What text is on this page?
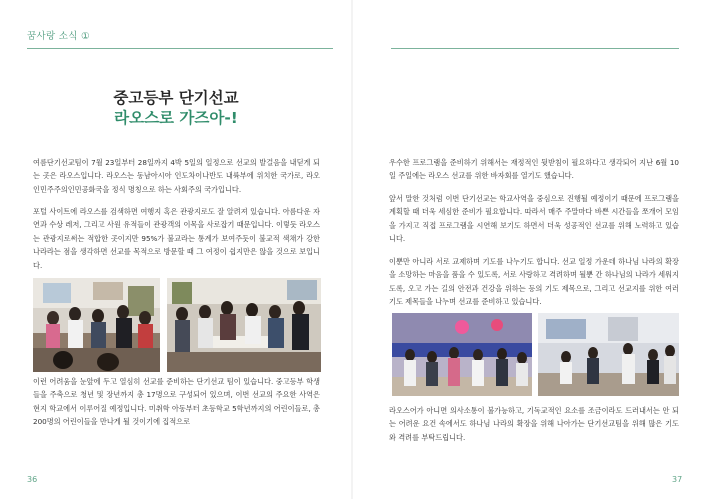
꿈사랑 소식 ①
중고등부 단기선교
라오스로 가즈아-!

여름단기선교팀이 7월 23일부터 28일까지 4박 5일의 일정으로 선교의 발걸음을 내딛게 되는 곳은 라오스입니다. 라오스는 동남아시아 인도차이나반도 내륙부에 위치한 국가로, 라오인민주주의인민공화국을 정식 명칭으로 하는 사회주의 국가입니다.

포털 사이트에 라오스를 검색하면 여행지 혹은 관광지로도 잘 알려져 있습니다. 아름다운 자연과 수상 레저, 그리고 사원 유적들이 관광객의 이목을 사로잡기 때문입니다. 이렇듯 라오스는 관광지로써는 적합한 곳이지만 95%가 불교라는 통계가 보여주듯이 불교적 색채가 강한 나라라는 점을 생각하면 선교를 목적으로 방문할 때 그 여정이 쉽지만은 않을 것으로 보입니다.

이런 어려움을 눈앞에 두고 열심히 선교를 준비하는 단기선교 팀이 있습니다. 중고등부 학생들을 주축으로 청년 및 장년까지 총 17명으로 구성되어 있으며, 이번 선교의 주요한 사역은 현지 학교에서 이루어질 예정입니다. 미취학 아동부터 초등학교 5학년까지의 어린이들로, 총200명의 어린이들을 만나게 될 것이기에 집적으로

36

우수한 프로그램을 준비하기 위해서는 재정적인 뒷받침이 필요하다고 생각되어 지난 6월 10일 주일에는 라오스 선교를 위한 바자회를 열기도 했습니다.

앞서 말한 것처럼 이번 단기선교는 학교사역을 중심으로 진행될 예정이기 때문에 프로그램을 계획할 때 더욱 세심한 준비가 필요합니다. 따라서 매주 주말마다 바쁜 시간들을 쪼개어 모임을 가지고 직접 프로그램을 시연해 보기도 하면서 더욱 성공적인 선교를 위해 노력하고 있습니다.

이뿐만 아니라 서로 교제하며 기도를 나누기도 합니다. 선교 일정 가운데 하나님 나라의 확장을 소망하는 마음을 품을 수 있도록, 서로 사랑하고 격려하며 될뿐 간 하나님의 나라가 세워지도록, 오고 가는 길의 안전과 건강을 위하는 등의 기도 제목으로, 그리고 선교지를 위한 여러 기도 제목들을 나누며 선교를 준비하고 있습니다.

라오스어가 아니면 의사소통이 불가능하고, 기독교적인 요소를 조금이라도 드러내서는 안 되는 어려운 요건 속에서도 하나님 나라의 확장을 위해 나아가는 단기선교팀을 위해 많은 기도와 격려를 부탁드립니다.

37
